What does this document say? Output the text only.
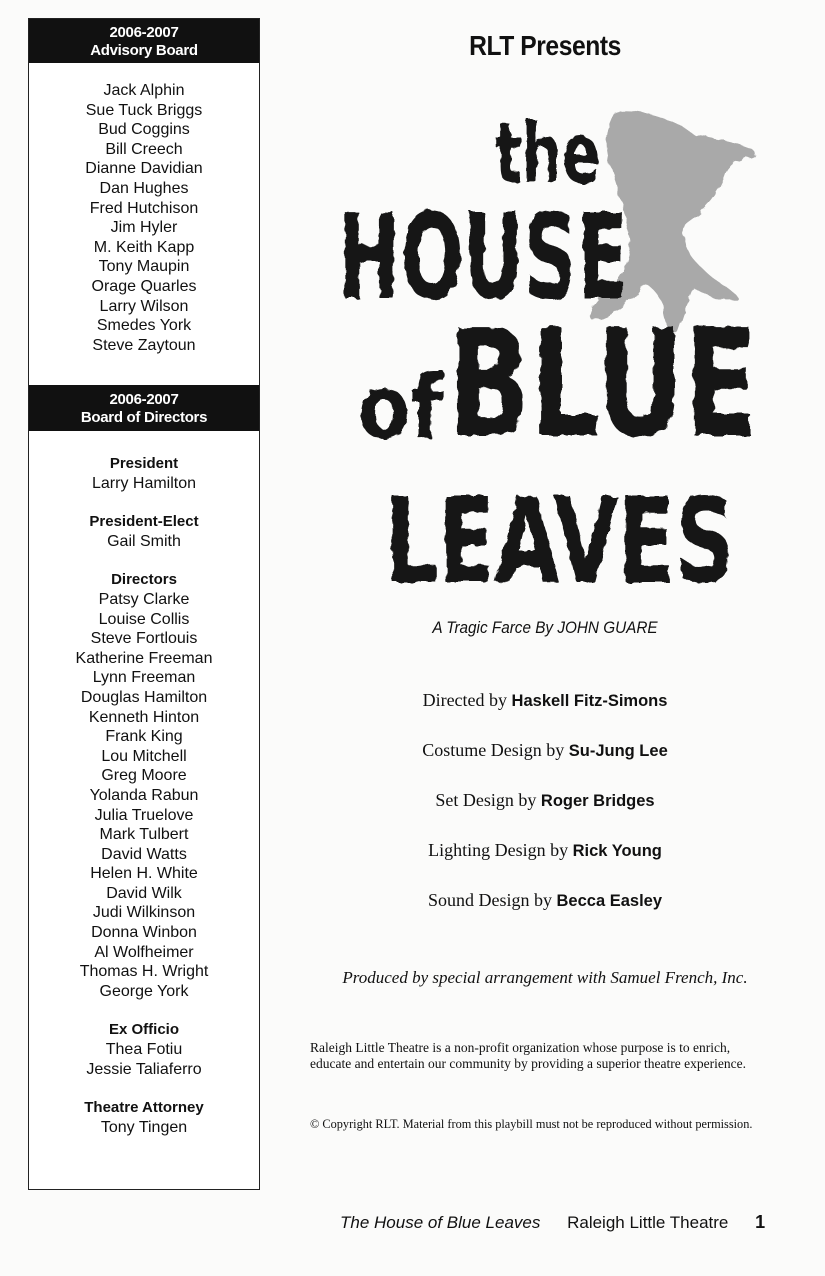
2006-2007
Advisory Board
Jack Alphin
Sue Tuck Briggs
Bud Coggins
Bill Creech
Dianne Davidian
Dan Hughes
Fred Hutchison
Jim Hyler
M. Keith Kapp
Tony Maupin
Orage Quarles
Larry Wilson
Smedes York
Steve Zaytoun
2006-2007
Board of Directors
President
Larry Hamilton
President-Elect
Gail Smith
Directors
Patsy Clarke
Louise Collis
Steve Fortlouis
Katherine Freeman
Lynn Freeman
Douglas Hamilton
Kenneth Hinton
Frank King
Lou Mitchell
Greg Moore
Yolanda Rabun
Julia Truelove
Mark Tulbert
David Watts
Helen H. White
David Wilk
Judi Wilkinson
Donna Winbon
Al Wolfheimer
Thomas H. Wright
George York
Ex Officio
Thea Fotiu
Jessie Taliaferro
Theatre Attorney
Tony Tingen
RLT Presents
the
HOUSE
of BLUE
LEAVES
A Tragic Farce By JOHN GUARE
Directed by Haskell Fitz-Simons
Costume Design by Su-Jung Lee
Set Design by Roger Bridges
Lighting Design by Rick Young
Sound Design by Becca Easley
Produced by special arrangement with Samuel French, Inc.
Raleigh Little Theatre is a non-profit organization whose purpose is to enrich, educate and entertain our community by providing a superior theatre experience.
© Copyright RLT. Material from this playbill must not be reproduced without permission.
The House of Blue Leaves Raleigh Little Theatre 1
